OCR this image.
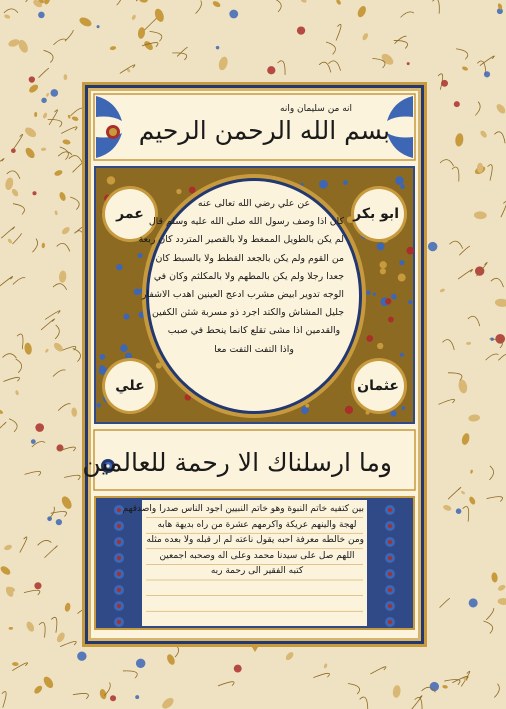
انه من سليمان وانه
بسم الله الرحمن الرحيم
عن علي رضي الله تعالى عنه
كان اذا وصف رسول الله صلى الله عليه وسلم قال
لم يكن بالطويل الممغط ولا بالقصير المتردد كان ربعة
من القوم ولم يكن بالجعد القطط ولا بالسبط كان
جعدا رجلا ولم يكن بالمطهم ولا بالمكلثم وكان في
الوجه تدوير ابيض مشرب ادعج العينين اهدب الاشفار
جليل المشاش والكتد اجرد ذو مسربة شثن الكفين
والقدمين اذا مشى تقلع كانما ينحط في صبب
واذا التفت التفت معا
عمر	ابو بكر
علي	عثمان
وما ارسلناك الا رحمة للعالمين
بين كتفيه خاتم النبوة وهو خاتم النبيين اجود الناس صدرا واصدقهم
لهجة والينهم عريكة واكرمهم عشرة من راه بديهة هابه
ومن خالطه معرفة احبه يقول ناعته لم ار قبله ولا بعده مثله
اللهم صل على سيدنا محمد وعلى اله وصحبه اجمعين
كتبه الفقير الى رحمة ربه
